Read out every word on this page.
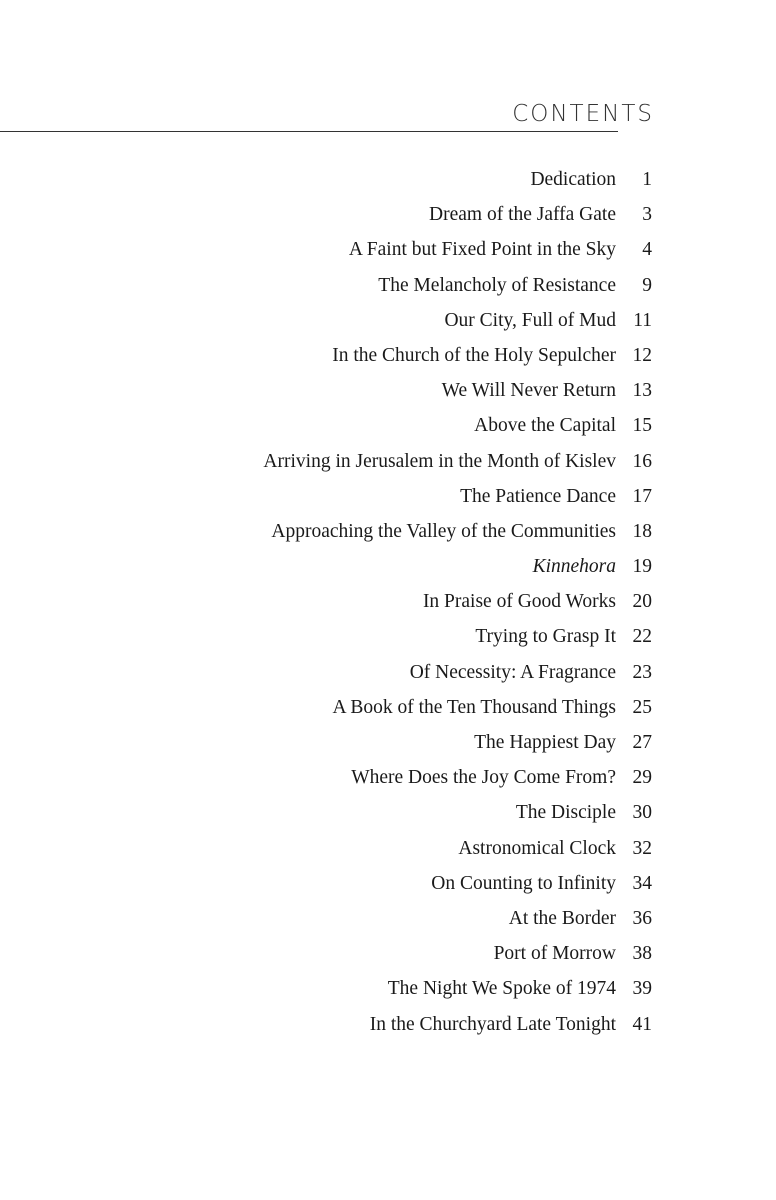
CONTENTS
Dedication	1
Dream of the Jaffa Gate	3
A Faint but Fixed Point in the Sky	4
The Melancholy of Resistance	9
Our City, Full of Mud 11
In the Church of the Holy Sepulcher 12
We Will Never Return 13
Above the Capital 15
Arriving in Jerusalem in the Month of Kislev 16
The Patience Dance 17
Approaching the Valley of the Communities 18
Kinnehora 19
In Praise of Good Works 20
Trying to Grasp It 22
Of Necessity: A Fragrance 23
A Book of the Ten Thousand Things 25
The Happiest Day 27
Where Does the Joy Come From? 29
The Disciple 30
Astronomical Clock 32
On Counting to Infinity 34
At the Border 36
Port of Morrow 38
The Night We Spoke of 1974 39
In the Churchyard Late Tonight 41
